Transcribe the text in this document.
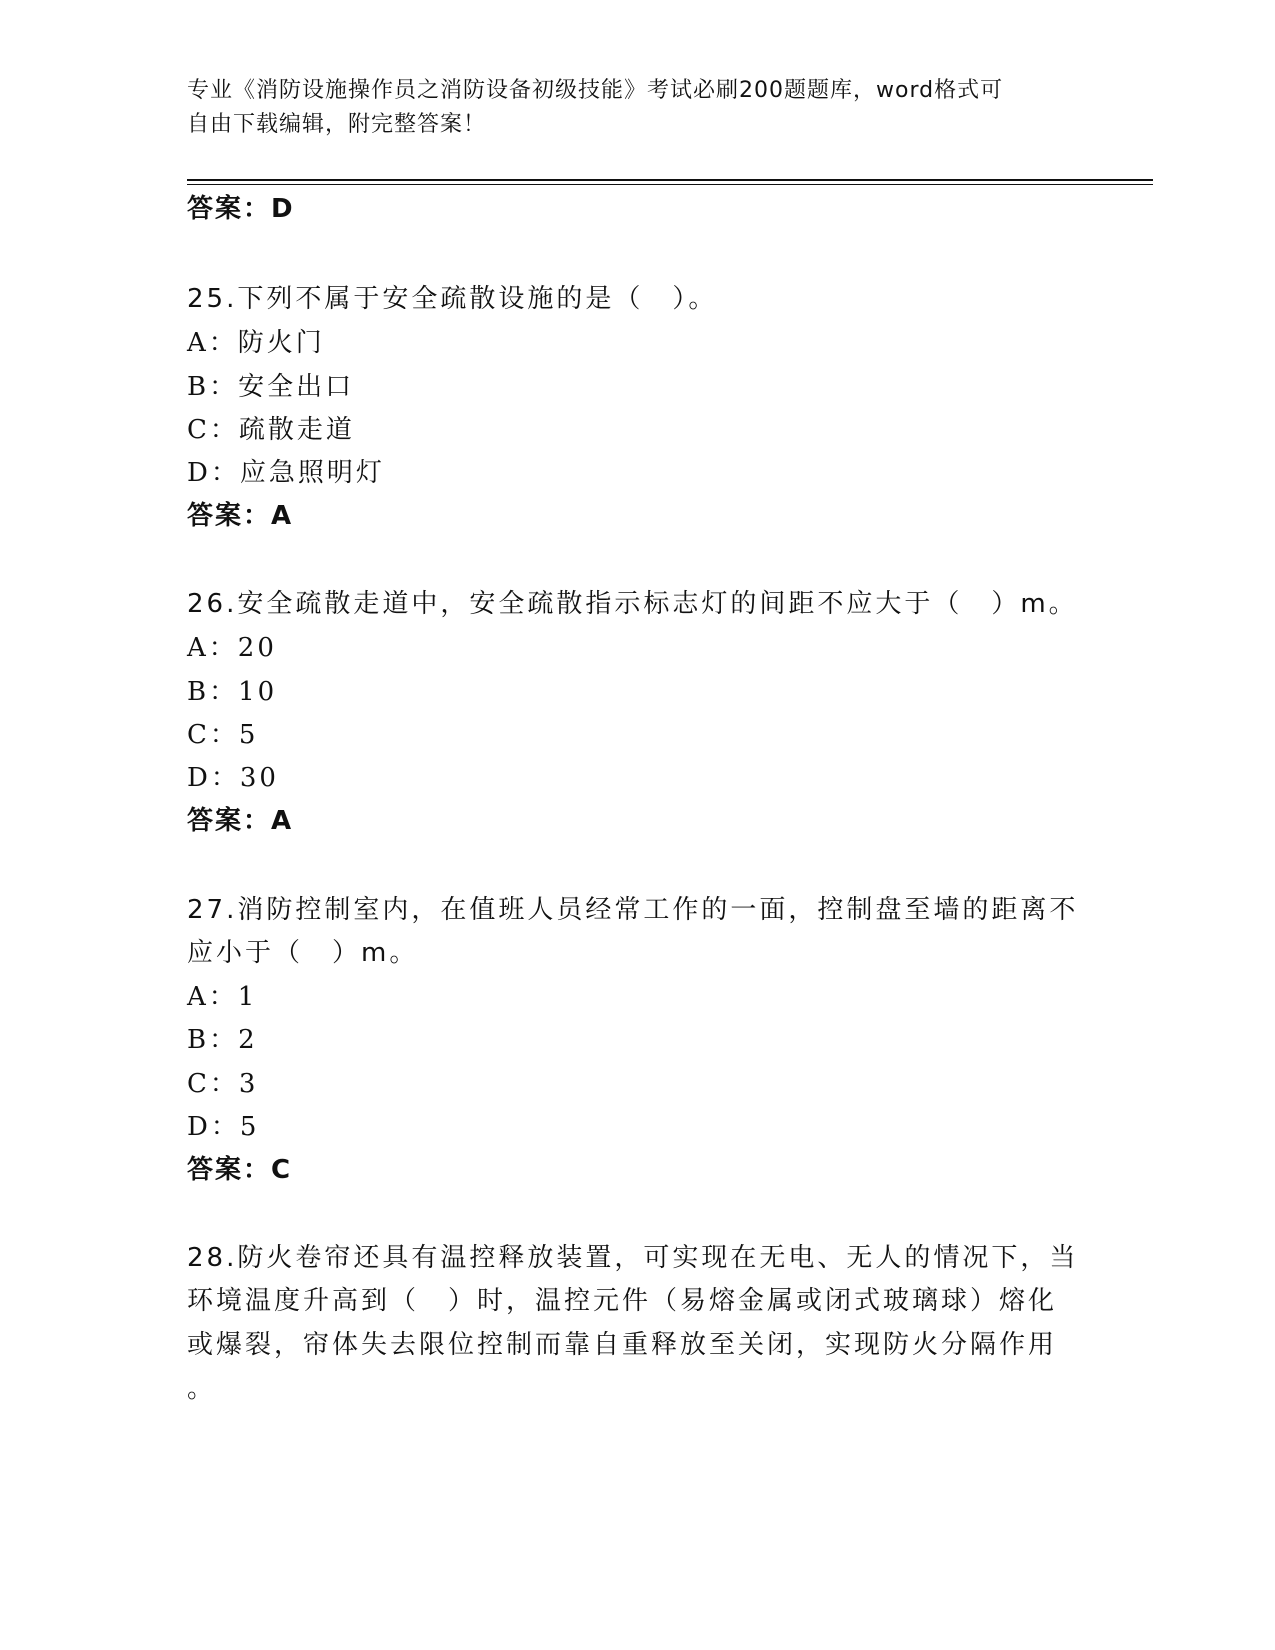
专业《消防设施操作员之消防设备初级技能》考试必刷200题题库，word格式可
自由下载编辑，附完整答案！
答案：D
25.下列不属于安全疏散设施的是（　）。
A：防火门
B：安全出口
C：疏散走道
D：应急照明灯
答案：A
26.安全疏散走道中，安全疏散指示标志灯的间距不应大于（　）m。
A：20
B：10
C：5
D：30
答案：A
27.消防控制室内，在值班人员经常工作的一面，控制盘至墙的距离不
应小于（　）m。
A：1
B：2
C：3
D：5
答案：C
28.防火卷帘还具有温控释放装置，可实现在无电、无人的情况下，当
环境温度升高到（　）时，温控元件（易熔金属或闭式玻璃球）熔化
或爆裂，帘体失去限位控制而靠自重释放至关闭，实现防火分隔作用
。
